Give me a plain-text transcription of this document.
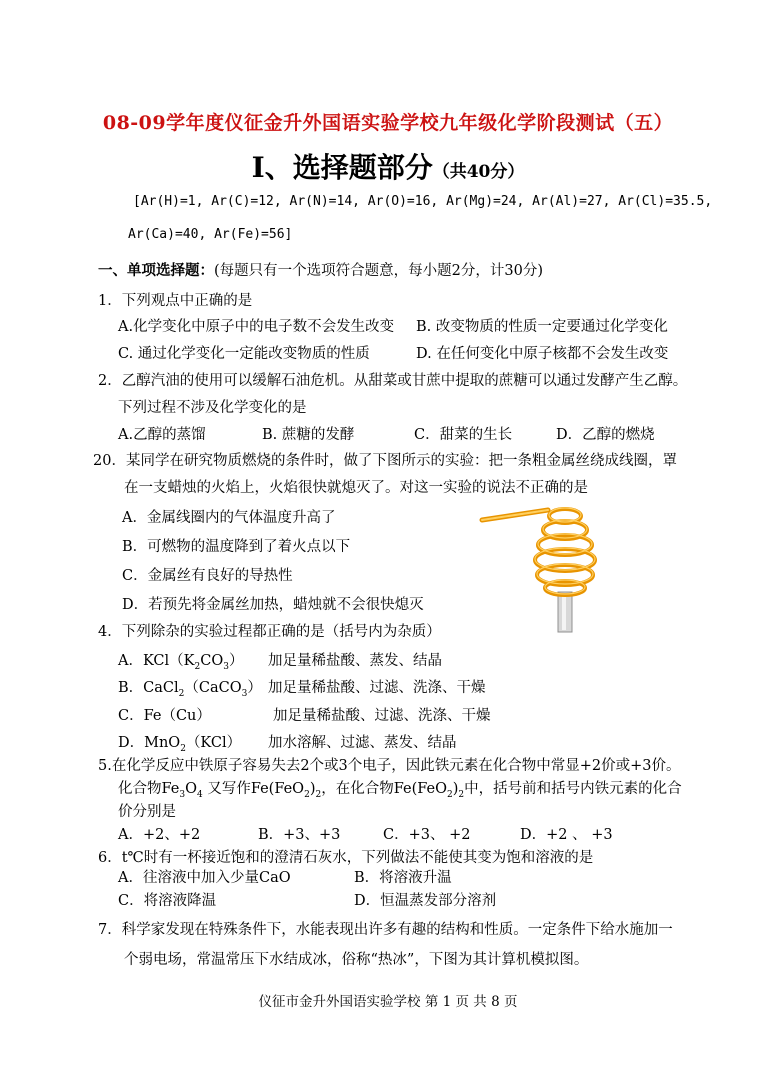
08-09学年度仪征金升外国语实验学校九年级化学阶段测试（五）
Ⅰ、选择题部分（共40分）
[Ar(H)=1, Ar(C)=12, Ar(N)=14, Ar(O)=16, Ar(Mg)=24, Ar(Al)=27, Ar(Cl)=35.5,
Ar(Ca)=40, Ar(Fe)=56]
一、单项选择题：(每题只有一个选项符合题意，每小题2分，计30分)
1．下列观点中正确的是
A.化学变化中原子中的电子数不会发生改变 B. 改变物质的性质一定要通过化学变化
C. 通过化学变化一定能改变物质的性质	D. 在任何变化中原子核都不会发生改变
2．乙醇汽油的使用可以缓解石油危机。从甜菜或甘蔗中提取的蔗糖可以通过发酵产生乙醇。
下列过程不涉及化学变化的是
A.乙醇的蒸馏	B. 蔗糖的发酵	C．甜菜的生长	D．乙醇的燃烧
20．某同学在研究物质燃烧的条件时，做了下图所示的实验：把一条粗金属丝绕成线圈，罩
在一支蜡烛的火焰上，火焰很快就熄灭了。对这一实验的说法不正确的是
A．金属线圈内的气体温度升高了
B．可燃物的温度降到了着火点以下
C．金属丝有良好的导热性
D．若预先将金属丝加热，蜡烛就不会很快熄灭
4．下列除杂的实验过程都正确的是（括号内为杂质）
A．$KCl(K_2CO_3)$ 加足量稀盐酸、蒸发、结晶
B．CaCl$_2$（CaCO$_3$） 加足量稀盐酸、过滤、洗涤、干燥
C．Fe（Cu）	加足量稀盐酸、过滤、洗涤、干燥
D．MnO$_2$（KCl） 加水溶解、过滤、蒸发、结晶
5.在化学反应中铁原子容易失去2个或3个电子，因此铁元素在化合物中常显+2价或+3价。
化合物$Fe_3O_4$ 又写作$Fe(FeO_2)_2$，在化合物$Fe(FeO_2)_2$中，括号前和括号内铁元素的化合
价分别是
A．+2、+2	B．+3、+3	C．+3、 +2	D．+2 、 +3
6．t℃时有一杯接近饱和的澄清石灰水，下列做法不能使其变为饱和溶液的是
A．往溶液中加入少量CaO	B．将溶液升温
C．将溶液降温	D．恒温蒸发部分溶剂
7．科学家发现在特殊条件下，水能表现出许多有趣的结构和性质。一定条件下给水施加一
个弱电场，常温常压下水结成冰，俗称“热冰”，下图为其计算机模拟图。
仪征市金升外国语实验学校 第 1 页 共 8 页
